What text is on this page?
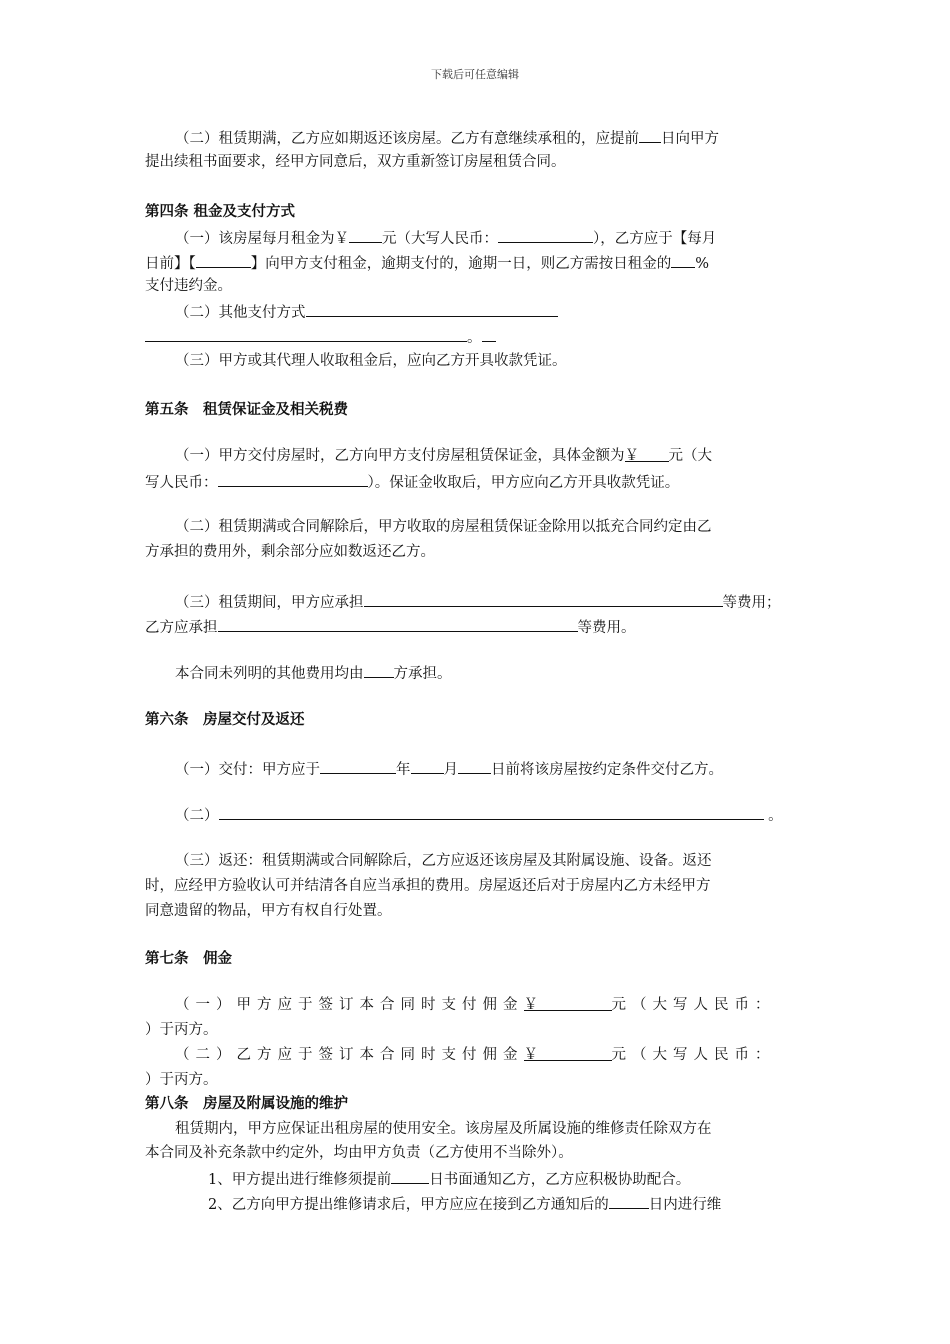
下载后可任意编辑
（二）租赁期满，乙方应如期返还该房屋。乙方有意继续承租的，应提前 日向甲方
提出续租书面要求，经甲方同意后，双方重新签订房屋租赁合同。
第四条 租金及支付方式
（一）该房屋每月租金为￥ 元（大写人民币：	），乙方应于【每月
日前】【	】向甲方支付租金，逾期支付的，逾期一日，则乙方需按日租金的 %
支付违约金。
（二）其他支付方式
。
（三）甲方或其代理人收取租金后，应向乙方开具收款凭证。
第五条　租赁保证金及相关税费
（一）甲方交付房屋时，乙方向甲方支付房屋租赁保证金，具体金额为￥ 元（大
写人民币：	）。保证金收取后，甲方应向乙方开具收款凭证。
（二）租赁期满或合同解除后，甲方收取的房屋租赁保证金除用以抵充合同约定由乙
方承担的费用外，剩余部分应如数返还乙方。
（三）租赁期间，甲方应承担	等费用；
乙方应承担	等费用。
本合同未列明的其他费用均由 方承担。
第六条　房屋交付及返还
（一）交付：甲方应于	年 月 日前将该房屋按约定条件交付乙方。
（二）	。
（三）返还：租赁期满或合同解除后，乙方应返还该房屋及其附属设施、设备。返还
时，应经甲方验收认可并结清各自应当承担的费用。房屋返还后对于房屋内乙方未经甲方
同意遗留的物品，甲方有权自行处置。
第七条　佣金
（一）甲方应于签订本合同时支付佣金￥	元（大写人民币：
）于丙方。
（二）乙方应于签订本合同时支付佣金￥	元（大写人民币：
）于丙方。
第八条　房屋及附属设施的维护
租赁期内，甲方应保证出租房屋的使用安全。该房屋及所属设施的维修责任除双方在
本合同及补充条款中约定外，均由甲方负责（乙方使用不当除外）。
1、甲方提出进行维修须提前	日书面通知乙方，乙方应积极协助配合。
2、乙方向甲方提出维修请求后，甲方应应在接到乙方通知后的	日内进行维
